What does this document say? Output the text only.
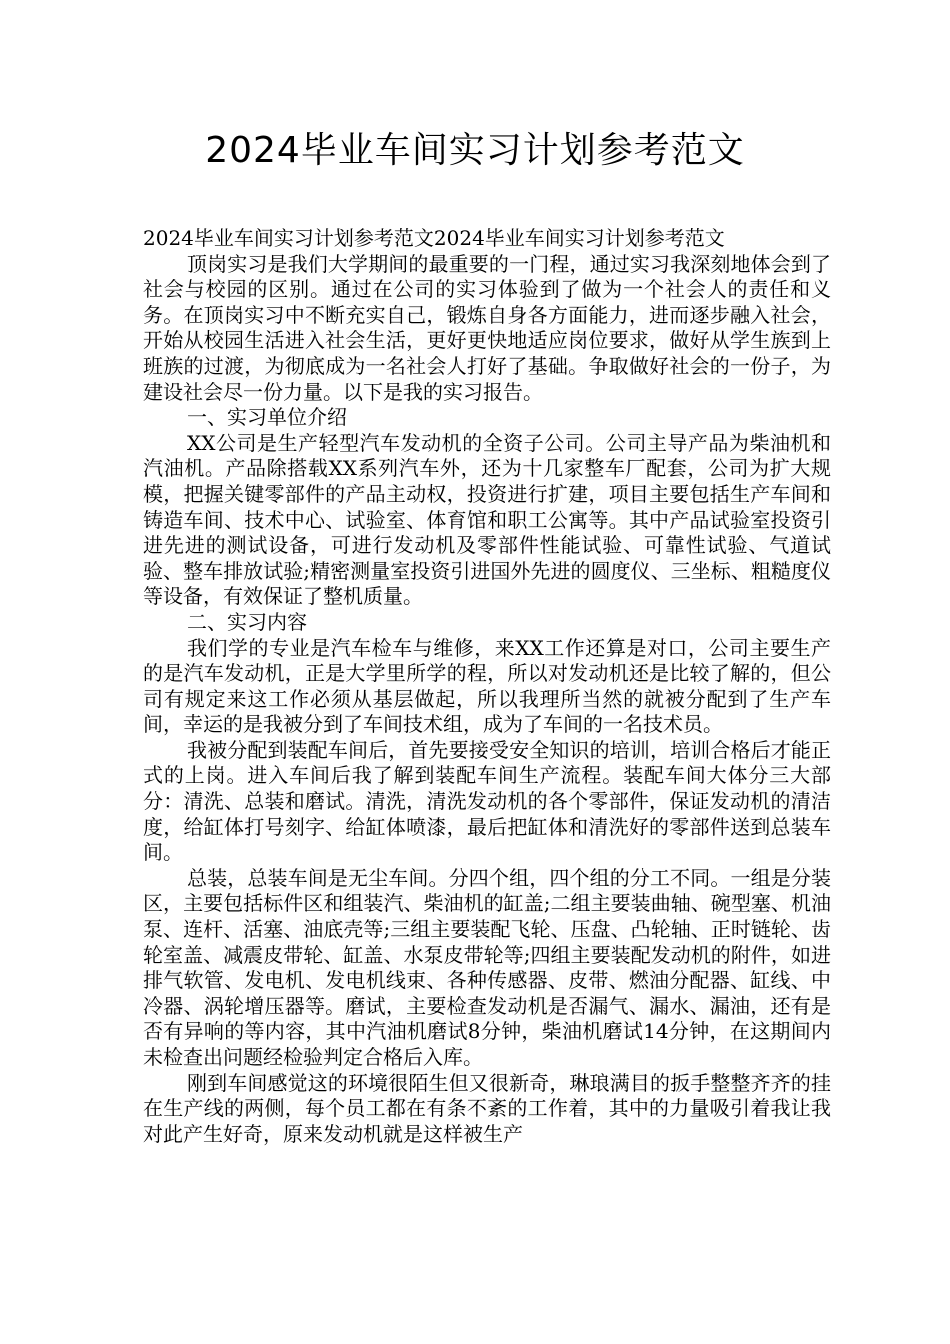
2024毕业车间实习计划参考范文

2024毕业车间实习计划参考范文2024毕业车间实习计划参考范文

顶岗实习是我们大学期间的最重要的一门程，通过实习我深刻地体会到了社会与校园的区别。通过在公司的实习体验到了做为一个社会人的责任和义务。在顶岗实习中不断充实自己，锻炼自身各方面能力，进而逐步融入社会，开始从校园生活进入社会生活，更好更快地适应岗位要求，做好从学生族到上班族的过渡，为彻底成为一名社会人打好了基础。争取做好社会的一份子，为建设社会尽一份力量。以下是我的实习报告。

一、实习单位介绍

XX公司是生产轻型汽车发动机的全资子公司。公司主导产品为柴油机和汽油机。产品除搭载XX系列汽车外，还为十几家整车厂配套，公司为扩大规模，把握关键零部件的产品主动权，投资进行扩建，项目主要包括生产车间和铸造车间、技术中心、试验室、体育馆和职工公寓等。其中产品试验室投资引进先进的测试设备，可进行发动机及零部件性能试验、可靠性试验、气道试验、整车排放试验;精密测量室投资引进国外先进的圆度仪、三坐标、粗糙度仪等设备，有效保证了整机质量。

二、实习内容

我们学的专业是汽车检车与维修，来XX工作还算是对口，公司主要生产的是汽车发动机，正是大学里所学的程，所以对发动机还是比较了解的，但公司有规定来这工作必须从基层做起，所以我理所当然的就被分配到了生产车间，幸运的是我被分到了车间技术组，成为了车间的一名技术员。

我被分配到装配车间后，首先要接受安全知识的培训，培训合格后才能正式的上岗。进入车间后我了解到装配车间生产流程。装配车间大体分三大部分：清洗、总装和磨试。清洗，清洗发动机的各个零部件，保证发动机的清洁度，给缸体打号刻字、给缸体喷漆，最后把缸体和清洗好的零部件送到总装车间。

总装，总装车间是无尘车间。分四个组，四个组的分工不同。一组是分装区，主要包括标件区和组装汽、柴油机的缸盖;二组主要装曲轴、碗型塞、机油泵、连杆、活塞、油底壳等;三组主要装配飞轮、压盘、凸轮轴、正时链轮、齿轮室盖、减震皮带轮、缸盖、水泵皮带轮等;四组主要装配发动机的附件，如进排气软管、发电机、发电机线束、各种传感器、皮带、燃油分配器、缸线、中冷器、涡轮增压器等。磨试，主要检查发动机是否漏气、漏水、漏油，还有是否有异响的等内容，其中汽油机磨试8分钟，柴油机磨试14分钟，在这期间内未检查出问题经检验判定合格后入库。

刚到车间感觉这的环境很陌生但又很新奇，琳琅满目的扳手整整齐齐的挂在生产线的两侧，每个员工都在有条不紊的工作着，其中的力量吸引着我让我对此产生好奇，原来发动机就是这样被生产
